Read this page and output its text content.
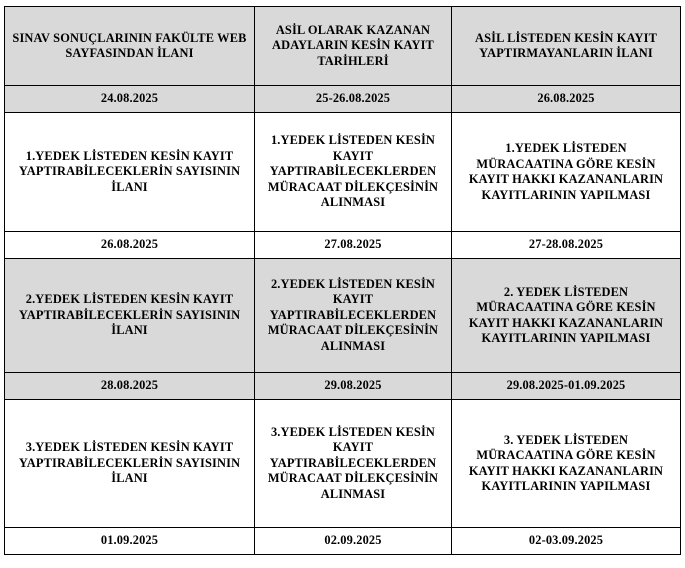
SINAV SONUÇLARININ FAKÜLTE WEB SAYFASINDAN İLANI	ASİL OLARAK KAZANAN ADAYLARIN KESİN KAYIT TARİHLERİ	ASİL LİSTEDEN KESİN KAYIT YAPTIRMAYANLARIN İLANI
24.08.2025	25-26.08.2025	26.08.2025
1.YEDEK LİSTEDEN KESİN KAYIT YAPTIRABİLECEKLERİN SAYISININ İLANI	1.YEDEK LİSTEDEN KESİN KAYIT YAPTIRABİLECEKLERDEN MÜRACAAT DİLEKÇESİNİN ALINMASI	1.YEDEK LİSTEDEN MÜRACAATINA GÖRE KESİN KAYIT HAKKI KAZANANLARIN KAYITLARININ YAPILMASI
26.08.2025	27.08.2025	27-28.08.2025
2.YEDEK LİSTEDEN KESİN KAYIT YAPTIRABİLECEKLERİN SAYISININ İLANI	2.YEDEK LİSTEDEN KESİN KAYIT YAPTIRABİLECEKLERDEN MÜRACAAT DİLEKÇESİNİN ALINMASI	2. YEDEK LİSTEDEN MÜRACAATINA GÖRE KESİN KAYIT HAKKI KAZANANLARIN KAYITLARININ YAPILMASI
28.08.2025	29.08.2025	29.08.2025-01.09.2025
3.YEDEK LİSTEDEN KESİN KAYIT YAPTIRABİLECEKLERİN SAYISININ İLANI	3.YEDEK LİSTEDEN KESİN KAYIT YAPTIRABİLECEKLERDEN MÜRACAAT DİLEKÇESİNİN ALINMASI	3. YEDEK LİSTEDEN MÜRACAATINA GÖRE KESİN KAYIT HAKKI KAZANANLARIN KAYITLARININ YAPILMASI
01.09.2025	02.09.2025	02-03.09.2025
